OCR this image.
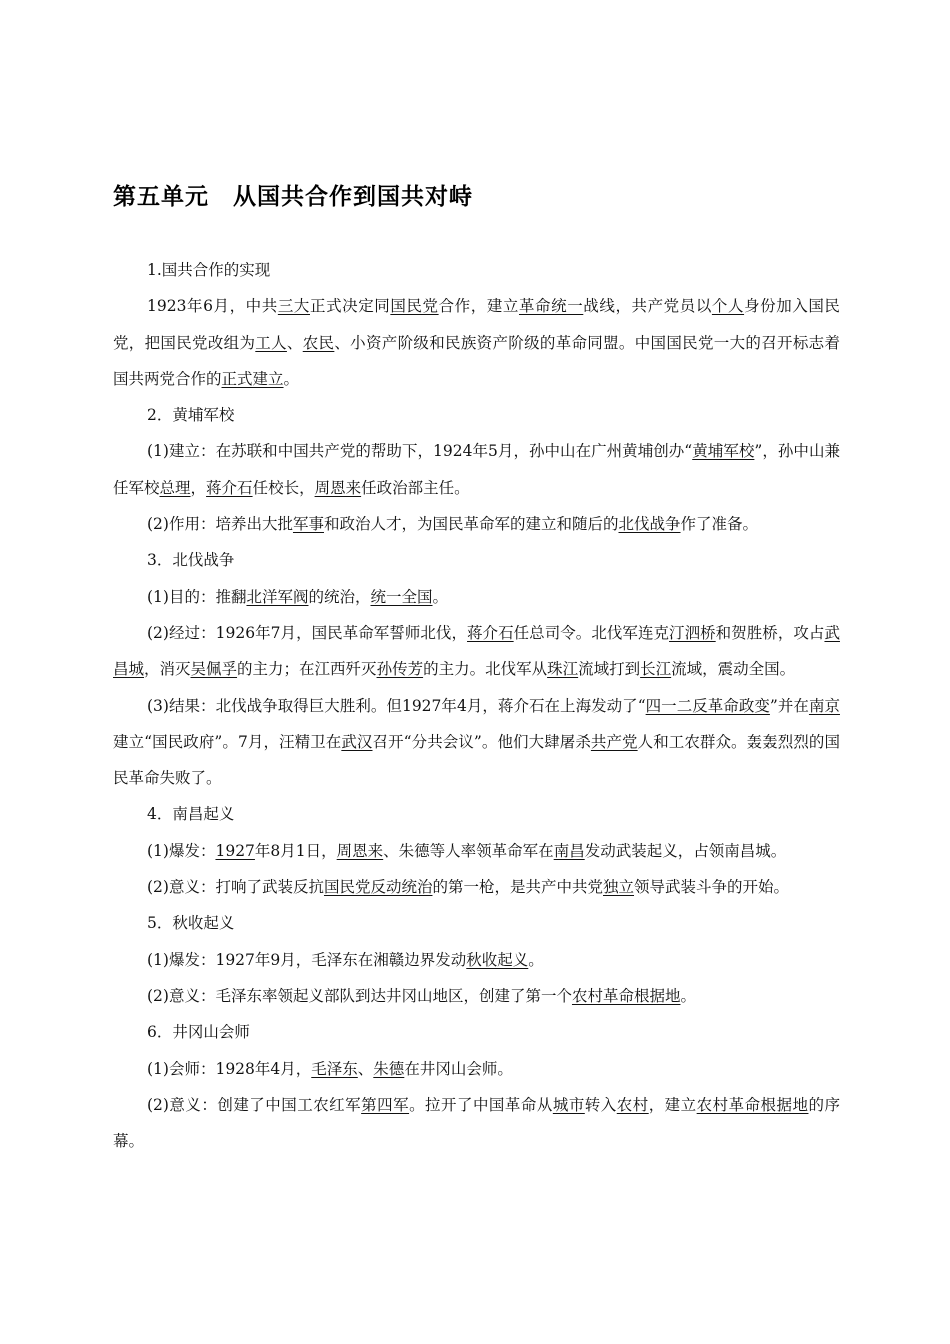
第五单元　从国共合作到国共对峙

1.国共合作的实现

1923年6月，中共三大正式决定同国民党合作，建立革命统一战线，共产党员以个人身份加入国民党，把国民党改组为工人、农民、小资产阶级和民族资产阶级的革命同盟。中国国民党一大的召开标志着国共两党合作的正式建立。

2．黄埔军校

(1)建立：在苏联和中国共产党的帮助下，1924年5月，孙中山在广州黄埔创办“黄埔军校”，孙中山兼任军校总理，蒋介石任校长，周恩来任政治部主任。

(2)作用：培养出大批军事和政治人才，为国民革命军的建立和随后的北伐战争作了准备。

3．北伐战争

(1)目的：推翻北洋军阀的统治，统一全国。

(2)经过：1926年7月，国民革命军誓师北伐，蒋介石任总司令。北伐军连克汀泗桥和贺胜桥，攻占武昌城，消灭吴佩孚的主力；在江西歼灭孙传芳的主力。北伐军从珠江流域打到长江流域，震动全国。

(3)结果：北伐战争取得巨大胜利。但1927年4月，蒋介石在上海发动了“四一二反革命政变”并在南京建立“国民政府”。7月，汪精卫在武汉召开“分共会议”。他们大肆屠杀共产党人和工农群众。轰轰烈烈的国民革命失败了。

4．南昌起义

(1)爆发：1927年8月1日，周恩来、朱德等人率领革命军在南昌发动武装起义，占领南昌城。

(2)意义：打响了武装反抗国民党反动统治的第一枪，是共产中共党独立领导武装斗争的开始。

5．秋收起义

(1)爆发：1927年9月，毛泽东在湘赣边界发动秋收起义。

(2)意义：毛泽东率领起义部队到达井冈山地区，创建了第一个农村革命根据地。

6．井冈山会师

(1)会师：1928年4月，毛泽东、朱德在井冈山会师。

(2)意义：创建了中国工农红军第四军。拉开了中国革命从城市转入农村，建立农村革命根据地的序幕。
